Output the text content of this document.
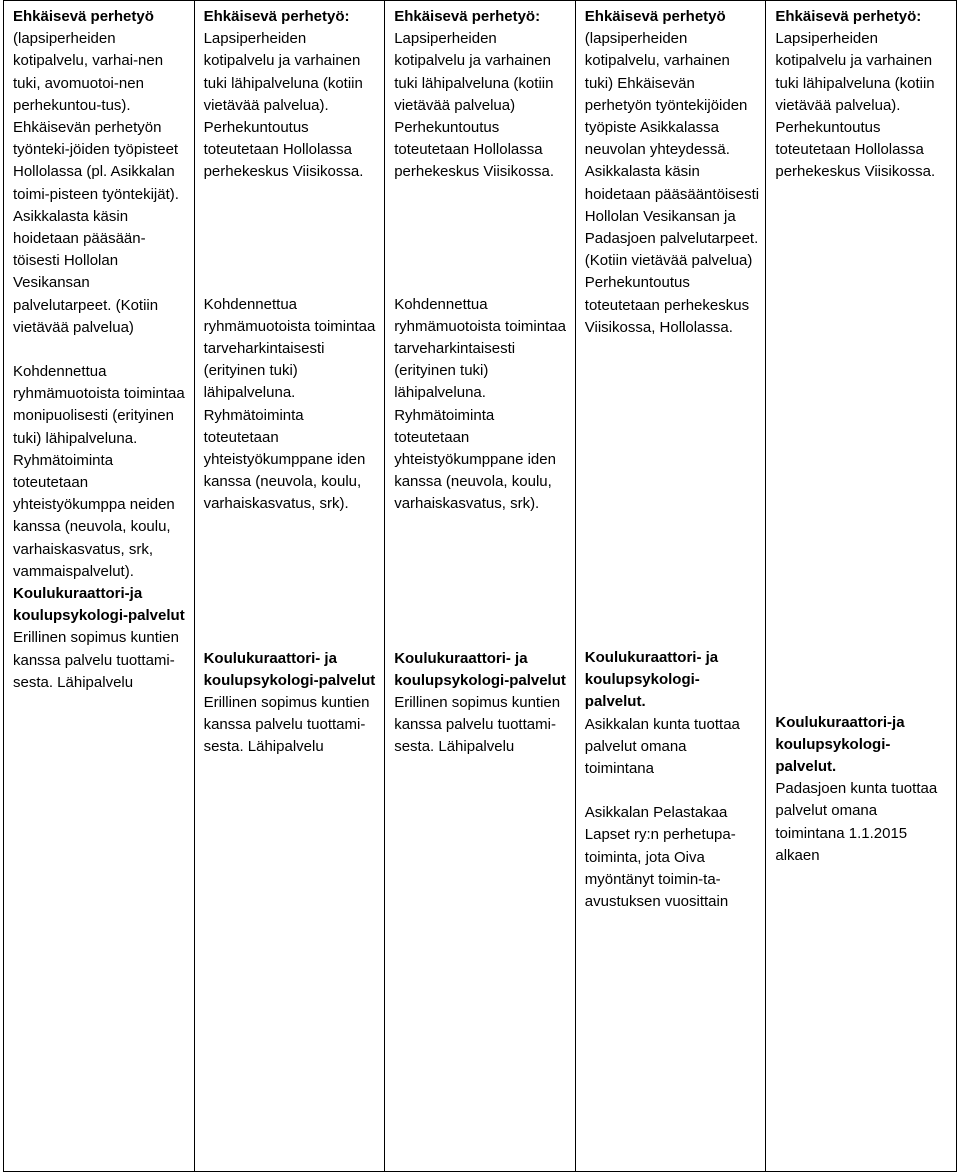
Ehkäisevä perhetyö
(lapsiperheiden kotipalvelu, varhai-nen tuki, avomuotoi-nen perhekuntou-tus). Ehkäisevän perhetyön työnteki-jöiden työpisteet Hollolassa (pl. Asikkalan toimi-pisteen työntekijät). Asikkalasta käsin hoidetaan pääsään-töisesti Hollolan Vesikansan palvelutarpeet. (Kotiin vietävää palvelua)
Kohdennettua ryhmämuotoista toimintaa monipuolisesti (erityinen tuki) lähipalveluna. Ryhmätoiminta toteutetaan yhteistyökumppa neiden kanssa (neuvola, koulu, varhaiskasvatus, srk, vammaispalvelut).
Koulukuraattori-ja koulupsykologi-palvelut
Erillinen sopimus kuntien kanssa palvelu tuottami-sesta. Lähipalvelu

Ehkäisevä perhetyö:
Lapsiperheiden kotipalvelu ja varhainen tuki lähipalveluna (kotiin vietävää palvelua). Perhekuntoutus toteutetaan Hollolassa perhekeskus Viisikossa.
Kohdennettua ryhmämuotoista toimintaa tarveharkintaisesti (erityinen tuki) lähipalveluna. Ryhmätoiminta toteutetaan yhteistyökumppane iden kanssa (neuvola, koulu, varhaiskasvatus, srk).
Koulukuraattori- ja koulupsykologi-palvelut
Erillinen sopimus kuntien kanssa palvelu tuottami-sesta. Lähipalvelu

Ehkäisevä perhetyö:
Lapsiperheiden kotipalvelu ja varhainen tuki lähipalveluna (kotiin vietävää palvelua) Perhekuntoutus toteutetaan Hollolassa perhekeskus Viisikossa.
Kohdennettua ryhmämuotoista toimintaa tarveharkintaisesti (erityinen tuki) lähipalveluna. Ryhmätoiminta toteutetaan yhteistyökumppane iden kanssa (neuvola, koulu, varhaiskasvatus, srk).
Koulukuraattori- ja koulupsykologi-palvelut
Erillinen sopimus kuntien kanssa palvelu tuottami-sesta. Lähipalvelu

Ehkäisevä perhetyö
(lapsiperheiden kotipalvelu, varhainen tuki) Ehkäisevän perhetyön työntekijöiden työpiste Asikkalassa neuvolan yhteydessä. Asikkalasta käsin hoidetaan pääsääntöisesti Hollolan Vesikansan ja Padasjoen palvelutarpeet. (Kotiin vietävää palvelua) Perhekuntoutus toteutetaan perhekeskus Viisikossa, Hollolassa.
Koulukuraattori- ja koulupsykologi-palvelut.
Asikkalan kunta tuottaa palvelut omana toimintana
Asikkalan Pelastakaa Lapset ry:n perhetupa-toiminta, jota Oiva myöntänyt toimin-ta-avustuksen vuosittain

Ehkäisevä perhetyö:
Lapsiperheiden kotipalvelu ja varhainen tuki lähipalveluna (kotiin vietävää palvelua). Perhekuntoutus toteutetaan Hollolassa perhekeskus Viisikossa.
Koulukuraattori-ja koulupsykologi-palvelut.
Padasjoen kunta tuottaa palvelut omana toimintana 1.1.2015 alkaen
